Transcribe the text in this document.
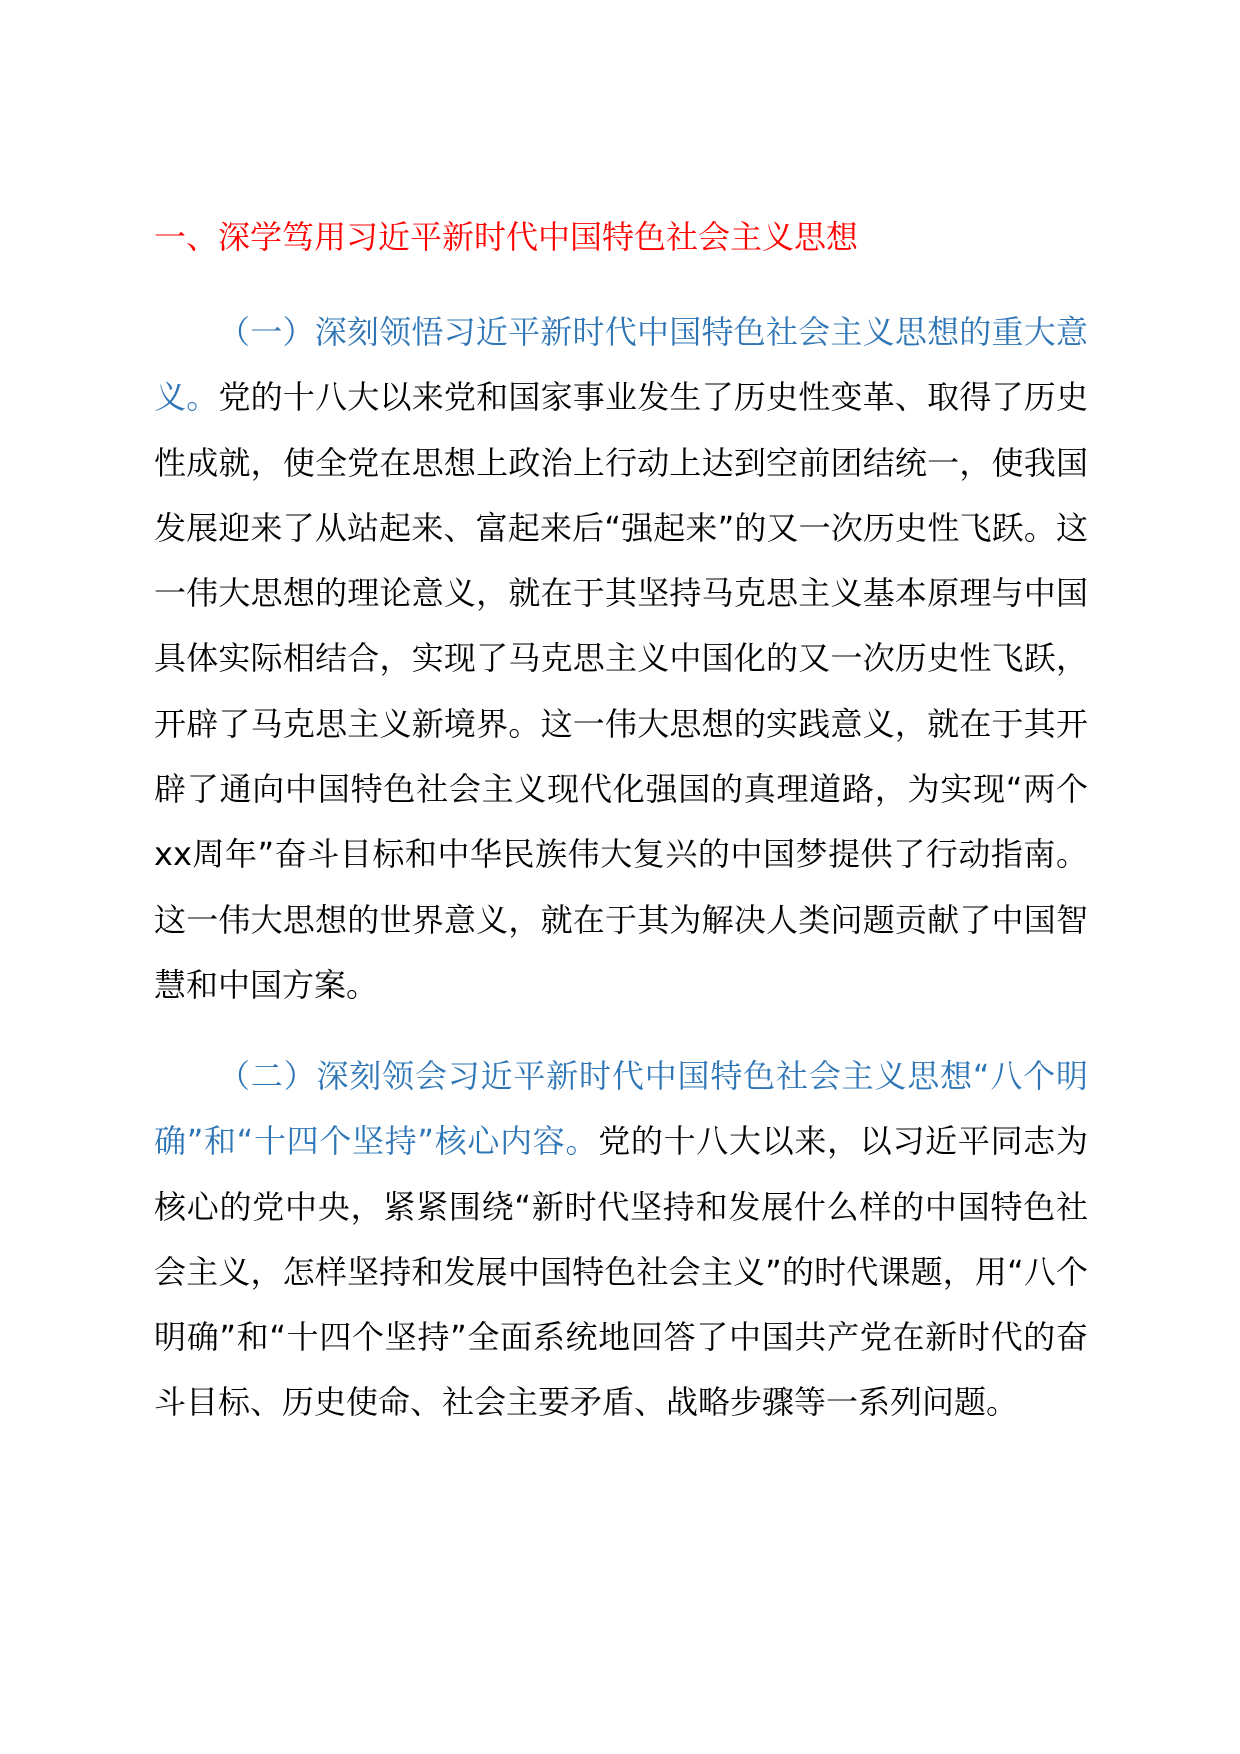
一、深学笃用习近平新时代中国特色社会主义思想

（一）深刻领悟习近平新时代中国特色社会主义思想的重大意义。党的十八大以来党和国家事业发生了历史性变革、取得了历史性成就，使全党在思想上政治上行动上达到空前团结统一，使我国发展迎来了从站起来、富起来后“强起来”的又一次历史性飞跃。这一伟大思想的理论意义，就在于其坚持马克思主义基本原理与中国具体实际相结合，实现了马克思主义中国化的又一次历史性飞跃，开辟了马克思主义新境界。这一伟大思想的实践意义，就在于其开辟了通向中国特色社会主义现代化强国的真理道路，为实现“两个xx周年”奋斗目标和中华民族伟大复兴的中国梦提供了行动指南。这一伟大思想的世界意义，就在于其为解决人类问题贡献了中国智慧和中国方案。

（二）深刻领会习近平新时代中国特色社会主义思想“八个明确”和“十四个坚持”核心内容。党的十八大以来，以习近平同志为核心的党中央，紧紧围绕“新时代坚持和发展什么样的中国特色社会主义，怎样坚持和发展中国特色社会主义”的时代课题，用“八个明确”和“十四个坚持”全面系统地回答了中国共产党在新时代的奋斗目标、历史使命、社会主要矛盾、战略步骤等一系列问题。
